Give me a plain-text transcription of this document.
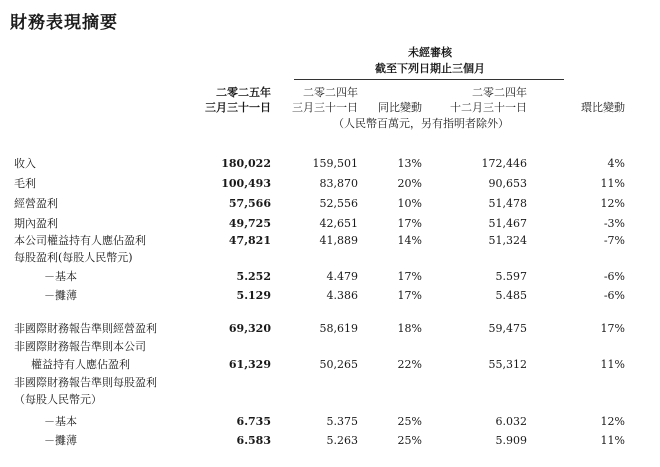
財務表現摘要
未經審核
截至下列日期止三個月
二零二五年
三月三十一日
二零二四年
三月三十一日	同比變動
二零二四年
十二月三十一日	環比變動
（人民幣百萬元，另有指明者除外）
收入	180,022	159,501	13%	172,446	4%
毛利	100,493	83,870	20%	90,653	11%
經營盈利	57,566	52,556	10%	51,478	12%
期內盈利	49,725	42,651	17%	51,467	-3%
本公司權益持有人應佔盈利	47,821	41,889	14%	51,324	-7%
每股盈利(每股人民幣元)
－基本	5.252	4.479	17%	5.597	-6%
－攤薄	5.129	4.386	17%	5.485	-6%
非國際財務報告準則經營盈利	69,320	58,619	18%	59,475	17%
非國際財務報告準則本公司
權益持有人應佔盈利	61,329	50,265	22%	55,312	11%
非國際財務報告準則每股盈利
（每股人民幣元）
－基本	6.735	5.375	25%	6.032	12%
－攤薄	6.583	5.263	25%	5.909	11%
